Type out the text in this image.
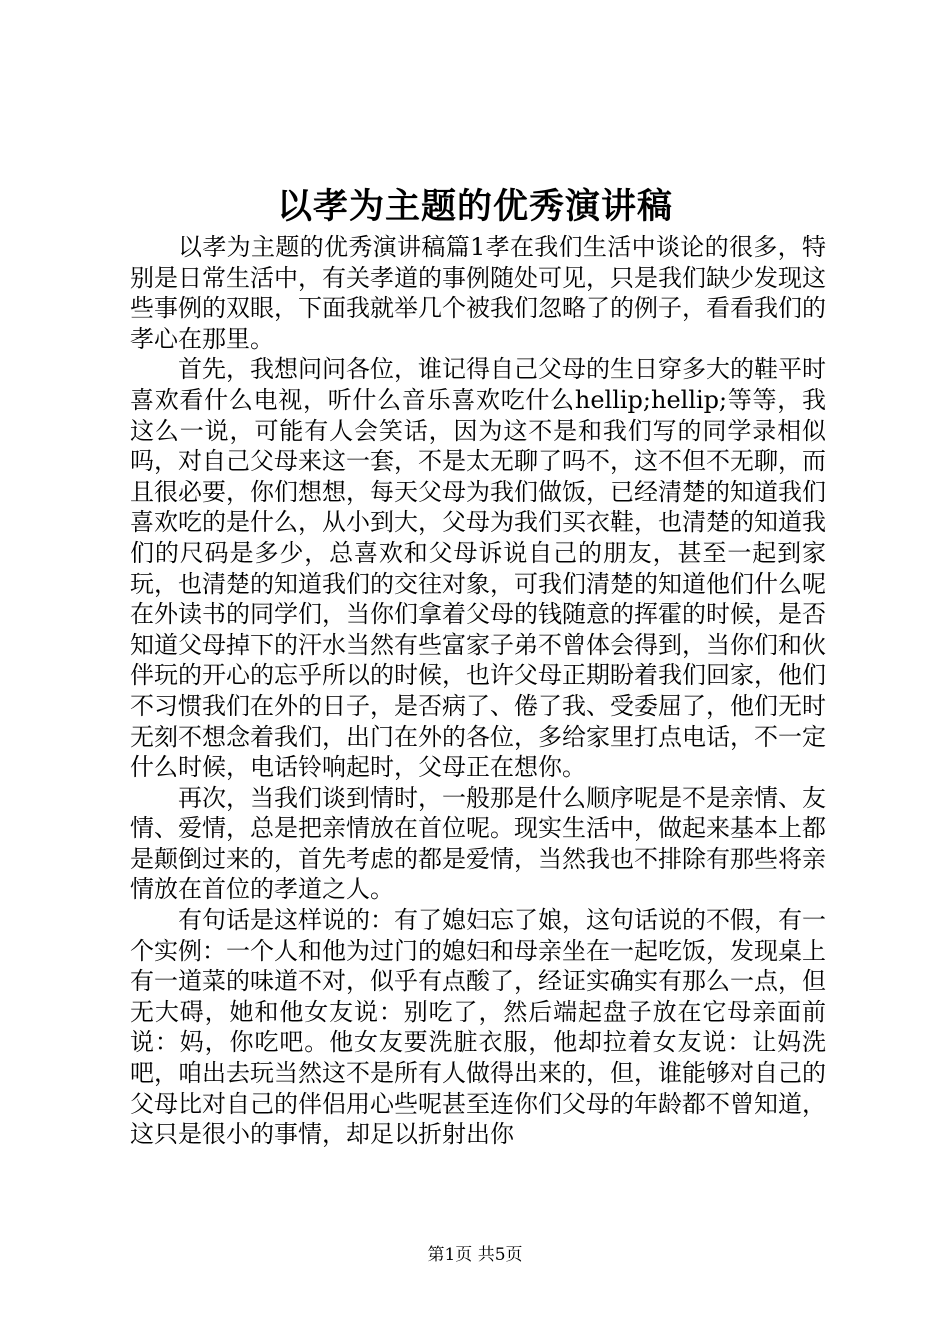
以孝为主题的优秀演讲稿

以孝为主题的优秀演讲稿篇1孝在我们生活中谈论的很多，特别是日常生活中，有关孝道的事例随处可见，只是我们缺少发现这些事例的双眼，下面我就举几个被我们忽略了的例子，看看我们的孝心在那里。

首先，我想问问各位，谁记得自己父母的生日穿多大的鞋平时喜欢看什么电视，听什么音乐喜欢吃什么hellip;hellip;等等，我这么一说，可能有人会笑话，因为这不是和我们写的同学录相似吗，对自己父母来这一套，不是太无聊了吗不，这不但不无聊，而且很必要，你们想想，每天父母为我们做饭，已经清楚的知道我们喜欢吃的是什么，从小到大，父母为我们买衣鞋，也清楚的知道我们的尺码是多少，总喜欢和父母诉说自己的朋友，甚至一起到家玩，也清楚的知道我们的交往对象，可我们清楚的知道他们什么呢在外读书的同学们，当你们拿着父母的钱随意的挥霍的时候，是否知道父母掉下的汗水当然有些富家子弟不曾体会得到，当你们和伙伴玩的开心的忘乎所以的时候，也许父母正期盼着我们回家，他们不习惯我们在外的日子，是否病了、倦了我、受委屈了，他们无时无刻不想念着我们，出门在外的各位，多给家里打点电话，不一定什么时候，电话铃响起时，父母正在想你。

再次，当我们谈到情时，一般那是什么顺序呢是不是亲情、友情、爱情，总是把亲情放在首位呢。现实生活中，做起来基本上都是颠倒过来的，首先考虑的都是爱情，当然我也不排除有那些将亲情放在首位的孝道之人。

有句话是这样说的：有了媳妇忘了娘，这句话说的不假，有一个实例：一个人和他为过门的媳妇和母亲坐在一起吃饭，发现桌上有一道菜的味道不对，似乎有点酸了，经证实确实有那么一点，但无大碍，她和他女友说：别吃了，然后端起盘子放在它母亲面前说：妈，你吃吧。他女友要洗脏衣服，他却拉着女友说：让妈洗吧，咱出去玩当然这不是所有人做得出来的，但，谁能够对自己的父母比对自己的伴侣用心些呢甚至连你们父母的年龄都不曾知道，这只是很小的事情，却足以折射出你

第1页 共5页
